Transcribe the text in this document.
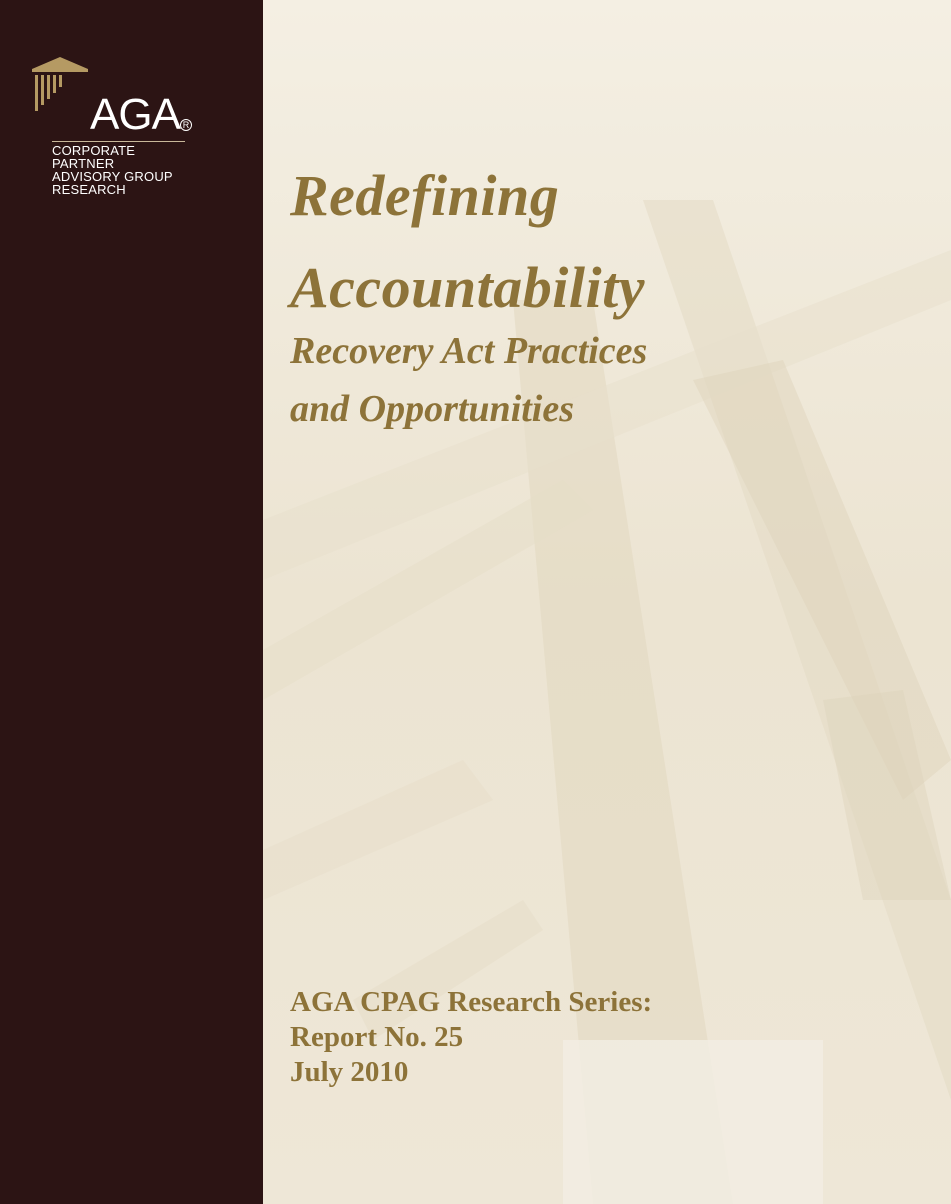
AGA R
CORPORATE
PARTNER
ADVISORY GROUP
RESEARCH	Redefining
Accountability
Recovery Act Practices
and Opportunities
AGA CPAG Research Series:
Report No. 25
July 2010
